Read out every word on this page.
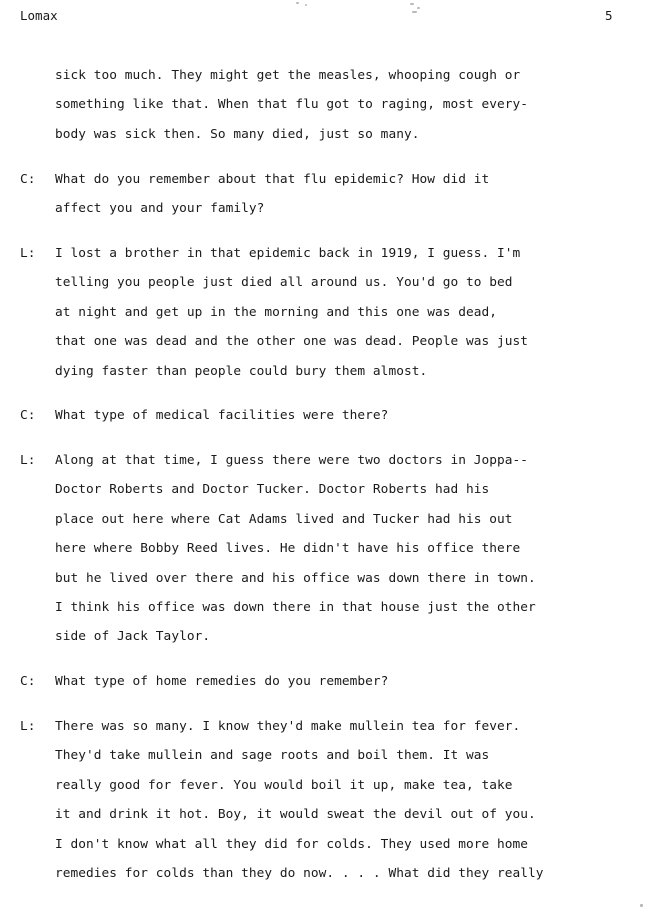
Lomax	5
sick too much. They might get the measles, whooping cough or
something like that. When that flu got to raging, most every-
body was sick then. So many died, just so many.
C: What do you remember about that flu epidemic? How did it
affect you and your family?
L: I lost a brother in that epidemic back in 1919, I guess. I'm
telling you people just died all around us. You'd go to bed
at night and get up in the morning and this one was dead,
that one was dead and the other one was dead. People was just
dying faster than people could bury them almost.
C: What type of medical facilities were there?
L: Along at that time, I guess there were two doctors in Joppa--
Doctor Roberts and Doctor Tucker. Doctor Roberts had his
place out here where Cat Adams lived and Tucker had his out
here where Bobby Reed lives. He didn't have his office there
but he lived over there and his office was down there in town.
I think his office was down there in that house just the other
side of Jack Taylor.
C: What type of home remedies do you remember?
L: There was so many. I know they'd make mullein tea for fever.
They'd take mullein and sage roots and boil them. It was
really good for fever. You would boil it up, make tea, take
it and drink it hot. Boy, it would sweat the devil out of you.
I don't know what all they did for colds. They used more home
remedies for colds than they do now. . . . What did they really
